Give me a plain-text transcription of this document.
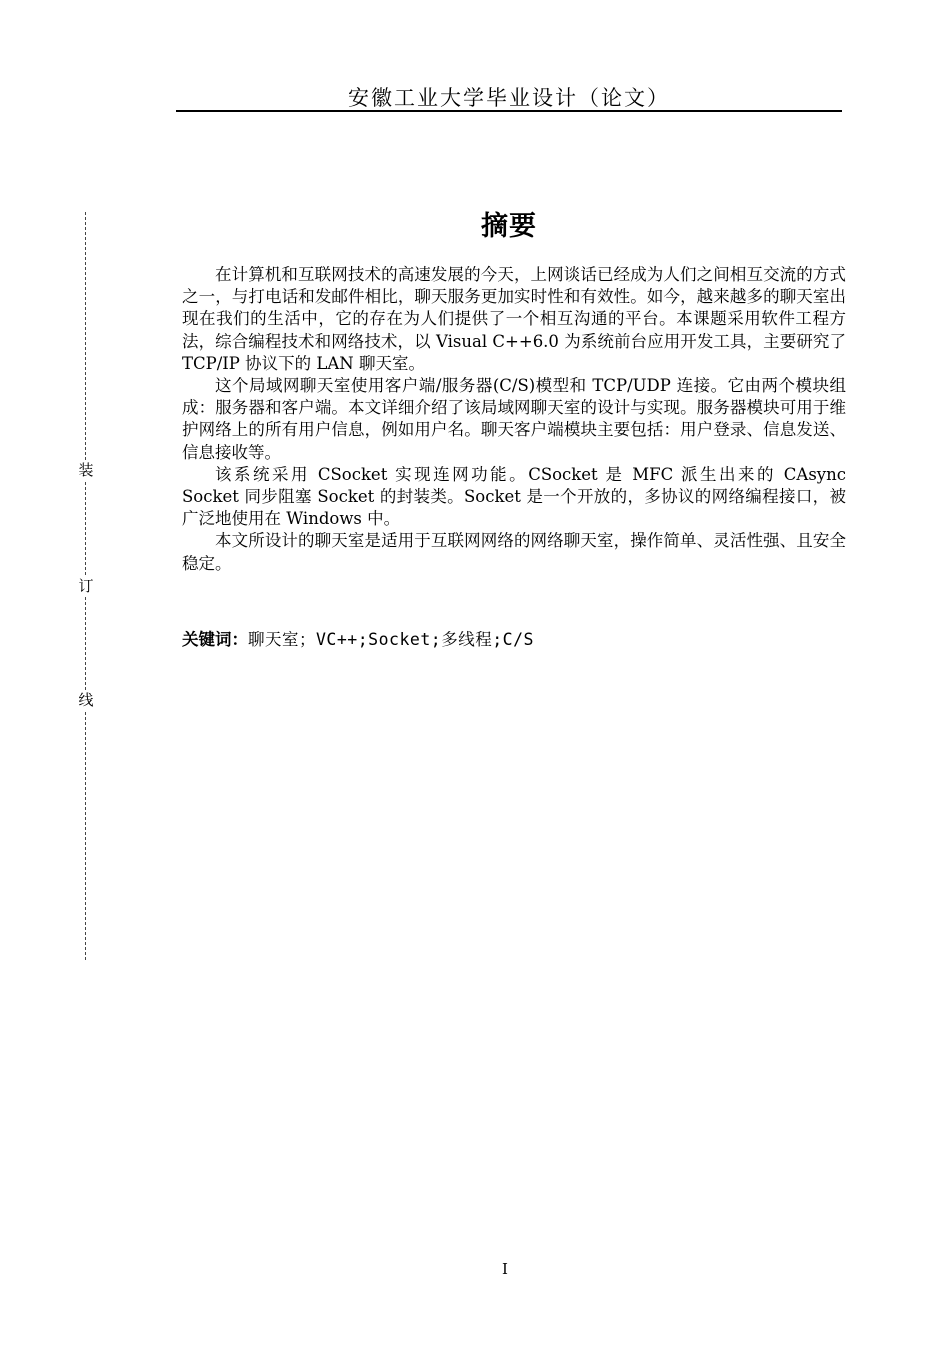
安徽工业大学毕业设计（论文）
装
订
线
摘要

在计算机和互联网技术的高速发展的今天，上网谈话已经成为人们之间相互交流的方式之一，与打电话和发邮件相比，聊天服务更加实时性和有效性。如今，越来越多的聊天室出现在我们的生活中，它的存在为人们提供了一个相互沟通的平台。本课题采用软件工程方法，综合编程技术和网络技术，以 Visual C++6.0 为系统前台应用开发工具，主要研究了 TCP/IP 协议下的 LAN 聊天室。

这个局域网聊天室使用客户端/服务器(C/S)模型和 TCP/UDP 连接。它由两个模块组成：服务器和客户端。本文详细介绍了该局域网聊天室的设计与实现。服务器模块可用于维护网络上的所有用户信息，例如用户名。聊天客户端模块主要包括：用户登录、信息发送、信息接收等。

该系统采用 CSocket 实现连网功能。CSocket 是 MFC 派生出来的 CAsync Socket 同步阻塞 Socket 的封装类。Socket 是一个开放的，多协议的网络编程接口，被广泛地使用在 Windows 中。

本文所设计的聊天室是适用于互联网网络的网络聊天室，操作简单、灵活性强、且安全稳定。

关键词：聊天室；VC++;Socket;多线程;C/S
I
